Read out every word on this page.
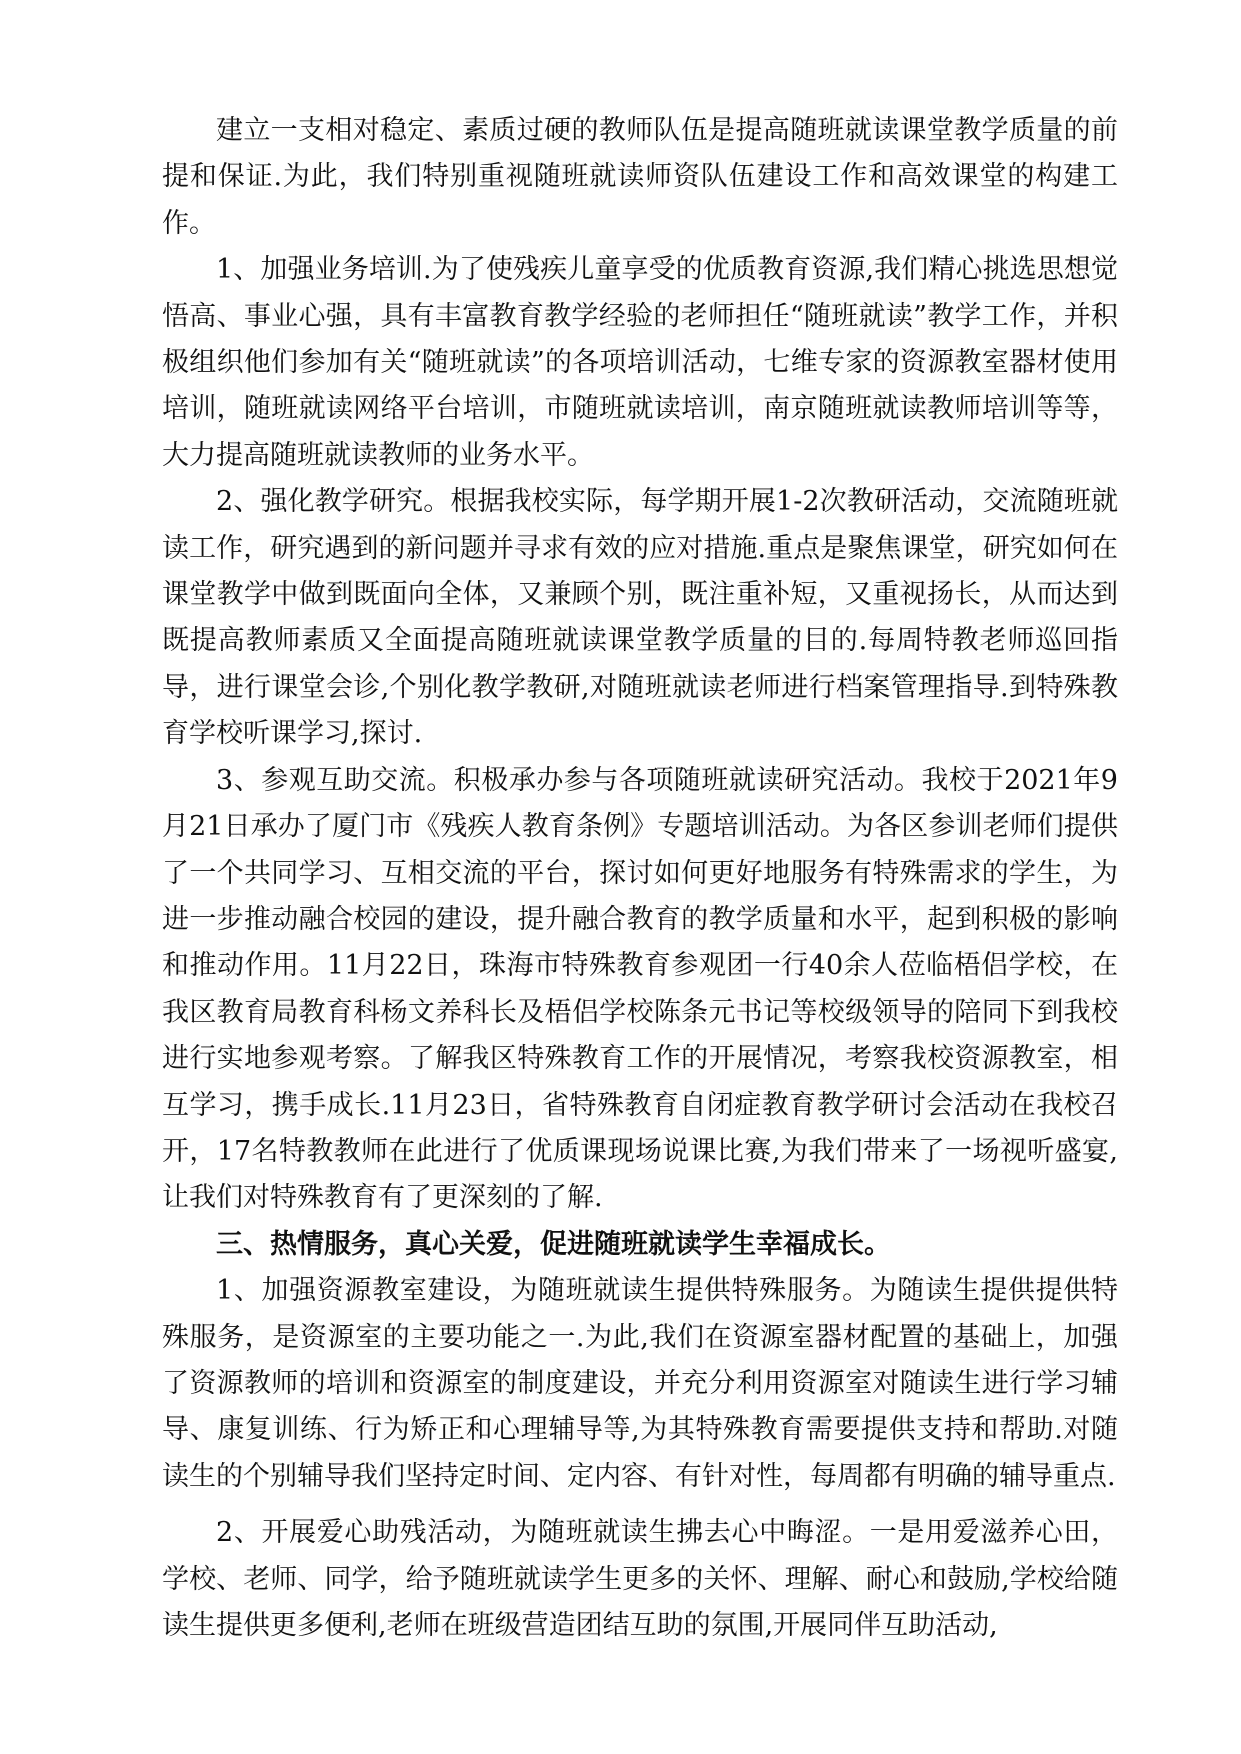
建立一支相对稳定、素质过硬的教师队伍是提高随班就读课堂教学质量的前提和保证.为此，我们特别重视随班就读师资队伍建设工作和高效课堂的构建工作。

1、加强业务培训.为了使残疾儿童享受的优质教育资源,我们精心挑选思想觉悟高、事业心强，具有丰富教育教学经验的老师担任“随班就读”教学工作，并积极组织他们参加有关“随班就读”的各项培训活动，七维专家的资源教室器材使用培训，随班就读网络平台培训，市随班就读培训，南京随班就读教师培训等等，大力提高随班就读教师的业务水平。

2、强化教学研究。根据我校实际，每学期开展1-2次教研活动，交流随班就读工作，研究遇到的新问题并寻求有效的应对措施.重点是聚焦课堂，研究如何在课堂教学中做到既面向全体，又兼顾个别，既注重补短，又重视扬长，从而达到既提高教师素质又全面提高随班就读课堂教学质量的目的.每周特教老师巡回指导，进行课堂会诊,个别化教学教研,对随班就读老师进行档案管理指导.到特殊教育学校听课学习,探讨.

3、参观互助交流。积极承办参与各项随班就读研究活动。我校于2021年9月21日承办了厦门市《残疾人教育条例》专题培训活动。为各区参训老师们提供了一个共同学习、互相交流的平台，探讨如何更好地服务有特殊需求的学生，为进一步推动融合校园的建设，提升融合教育的教学质量和水平，起到积极的影响和推动作用。11月22日，珠海市特殊教育参观团一行40余人莅临梧侣学校，在我区教育局教育科杨文养科长及梧侣学校陈条元书记等校级领导的陪同下到我校进行实地参观考察。了解我区特殊教育工作的开展情况，考察我校资源教室，相互学习，携手成长.11月23日，省特殊教育自闭症教育教学研讨会活动在我校召开，17名特教教师在此进行了优质课现场说课比赛,为我们带来了一场视听盛宴,让我们对特殊教育有了更深刻的了解.

三、热情服务，真心关爱，促进随班就读学生幸福成长。

1、加强资源教室建设，为随班就读生提供特殊服务。为随读生提供提供特殊服务，是资源室的主要功能之一.为此,我们在资源室器材配置的基础上，加强了资源教师的培训和资源室的制度建设，并充分利用资源室对随读生进行学习辅导、康复训练、行为矫正和心理辅导等,为其特殊教育需要提供支持和帮助.对随读生的个别辅导我们坚持定时间、定内容、有针对性，每周都有明确的辅导重点.

2、开展爱心助残活动，为随班就读生拂去心中晦涩。一是用爱滋养心田，学校、老师、同学，给予随班就读学生更多的关怀、理解、耐心和鼓励,学校给随读生提供更多便利,老师在班级营造团结互助的氛围,开展同伴互助活动,
